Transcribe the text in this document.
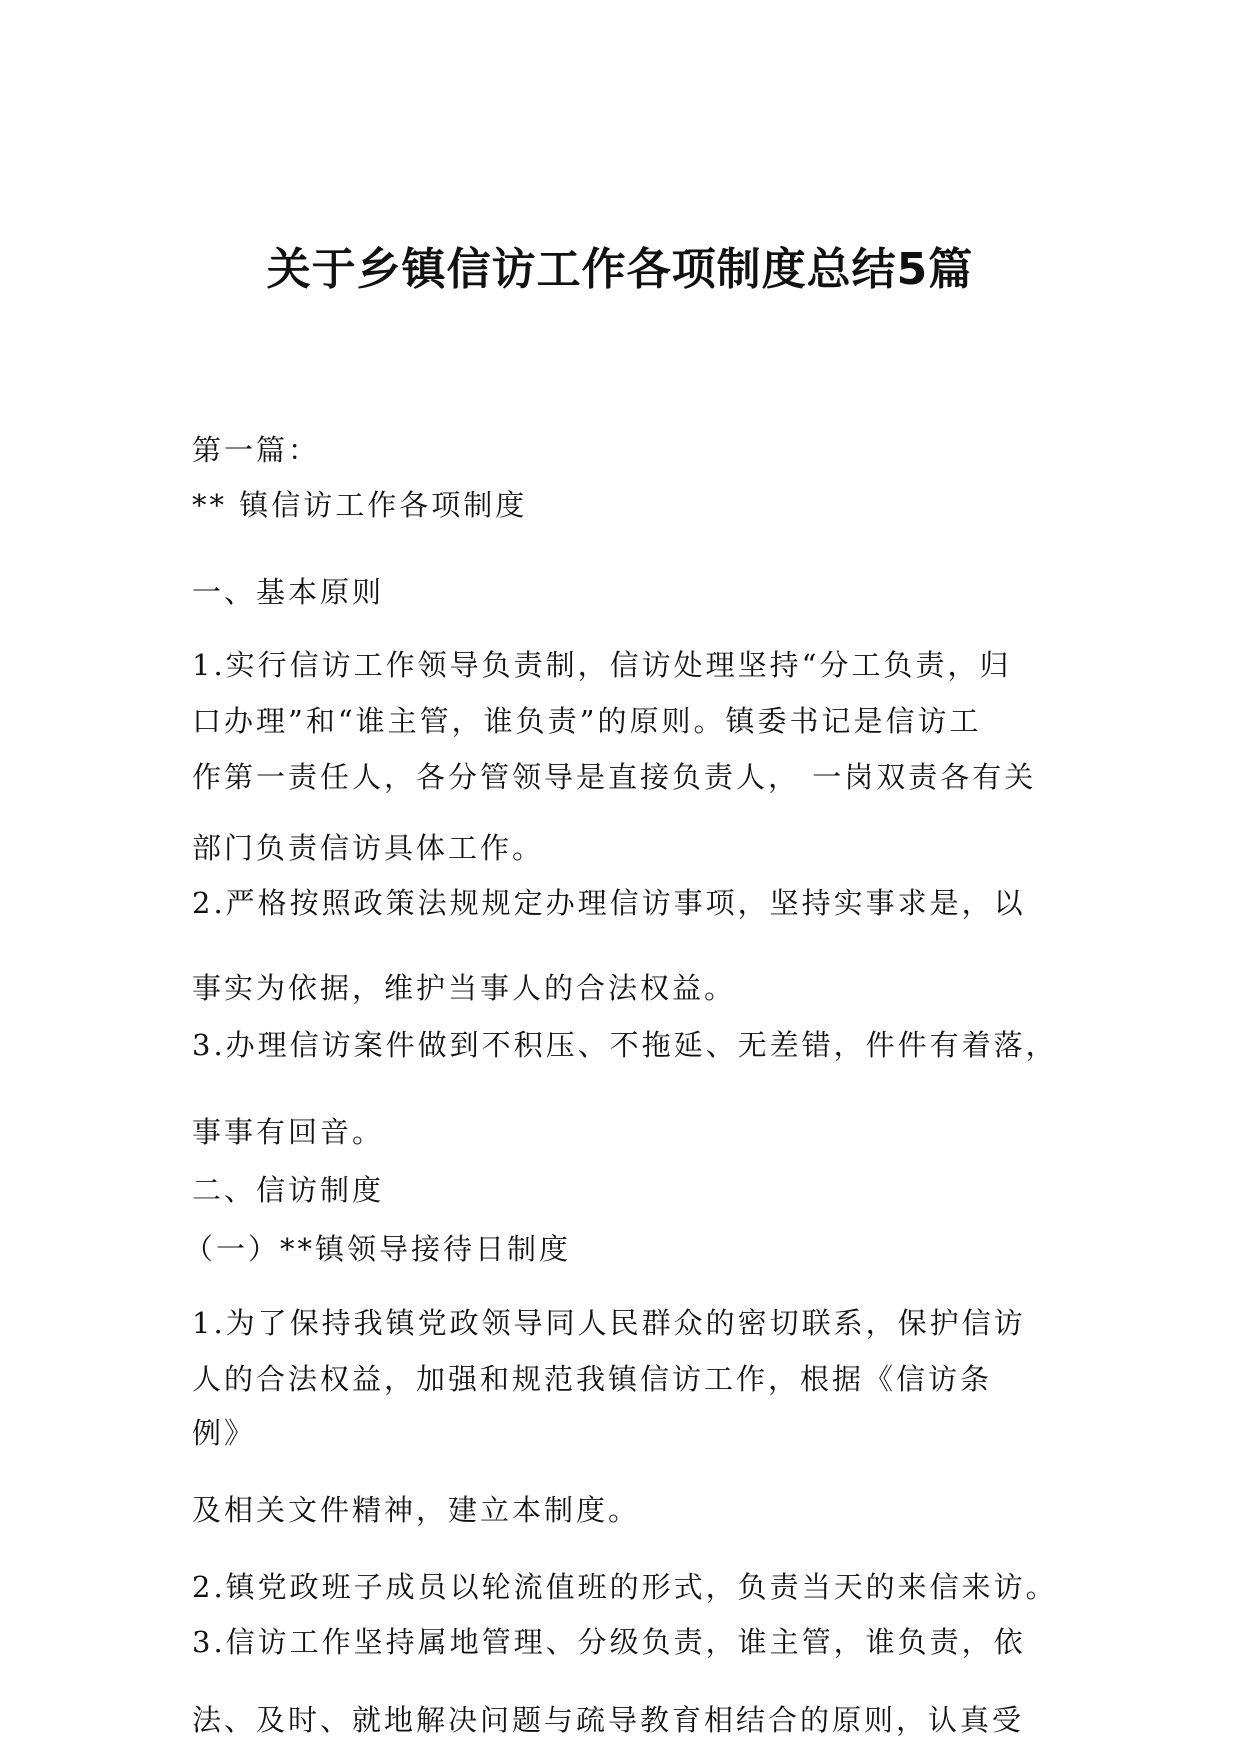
关于乡镇信访工作各项制度总结5篇
第一篇：
** 镇信访工作各项制度
一、基本原则
1.实行信访工作领导负责制，信访处理坚持“分工负责，归
口办理”和“谁主管，谁负责”的原则。镇委书记是信访工
作第一责任人，各分管领导是直接负责人， 一岗双责各有关
部门负责信访具体工作。
2.严格按照政策法规规定办理信访事项，坚持实事求是，以
事实为依据，维护当事人的合法权益。
3.办理信访案件做到不积压、不拖延、无差错，件件有着落，
事事有回音。
二、信访制度
（一）**镇领导接待日制度
1.为了保持我镇党政领导同人民群众的密切联系，保护信访
人的合法权益，加强和规范我镇信访工作，根据《信访条
例》
及相关文件精神，建立本制度。
2.镇党政班子成员以轮流值班的形式，负责当天的来信来访。
3.信访工作坚持属地管理、分级负责，谁主管，谁负责，依
法、及时、就地解决问题与疏导教育相结合的原则，认真受
